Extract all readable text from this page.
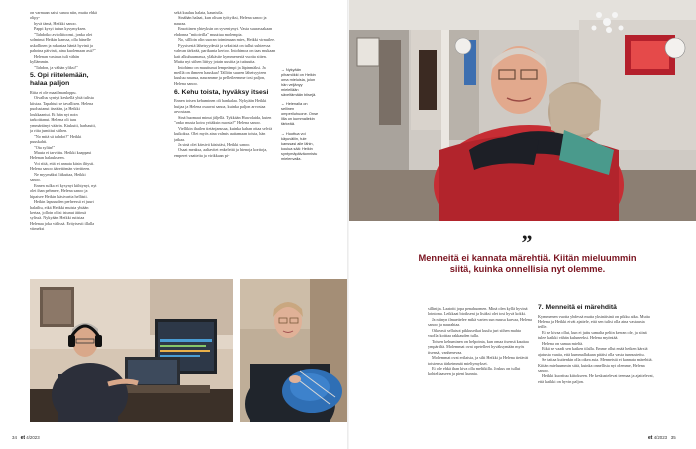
on varmaan saisi sanoa niin, mutta ehkä olipy-

hyvä tämä, Heikki sanoo.

Pappi kysyi tutun kysymyksen.

"Tahdotko avioliitoonsi, jonka olet solminut Heikin kanssa, olla hänelle uskollinen ja rakastaa häntä hyvinä ja pahoina päivinä, aina kuolemaan asti?"

Helenan vastaus tuli vähän kyllämmin.

"Tahdon, ja vähän yliksi!"

5. Opi riitelemään, halaa paljon

Riita ei ole maailmanloppu.

Oivallus syntyi keskellä yhtä tulista kiistaa. Tapahtui se tavallisen. Helena puolustanut itseään, ja Heikki loukkaantui. Et hän nyt noin tarkoittanut. Helena oli taas ymmärtänyt väärin. Kiukutti, harhautti, ja riita jumittui siihen.

"No mitä sä tahdot?" Heikki puuskahti.

"Ota syliin!"

Muuta ei tarvittu. Heikki kaappasi Helenan halaukseen.

Voi riitä, että ei annata käsin ilitysti. Helena sanoo äärettömän vieritteen.

Ne myymäksi liikuttaa, Heikki sanoo.

Ennen sulka ei kysynyt kiihtynyt, nyt olet ihan pehmee, Helena sanoo ja hipaisee Heikin käsivartta hellästi.

Heikin lapsuuden perheessä ei juurt halailtu, eikä Heikki muista yhtään kertaa, jolloin olisi istunut äitinsä sylissä. Nykyään Heikki rutistaa Helenaa joka välissä. Erityisesti illalla viimeksi

sekä kuuluu halata, kaunistla.

Sinähän halaat, kun olisan työtyiksi, Helena sanoo ja nauraa.

Ensottinen yhteyksin on syventynyt. Vasta suurassakaan ehdonna "mitoivilla" muuttua molempia.

No, sillloin olin suoran toimimaan mies, Heikki virnuilee.

Fyysisestä läheisyydestä ja sekstistä on tullut suhteessa vahvan tärkeää, parikunta kertoo. Intohimoa on taas mukaan kait alkuhuumassa, yläkäsite kymmenestä vuotta sitten. Mutta nyt siihen liittyy jotain uusitta ja tuttuutta.

Intohimo on muuttunut lempeämpi ja läpinmäksi. Ja meillä on ihmeen hauskaa! Tällöin suuren läheisyyteen kuuluu naurua, nauramme ja pelleileemme tosi paljon, Helena sanoo.

6. Kehu toista, hyväksy itsesi

Ennen toisen kehuminen oli hankalaa. Nykyään Heikki huijaa ja Helena osaavat sanoa, kuinka paljon arvostaa arvostaan.

Sinä huomaat minut jäljellä. Tykkään Huwolaida, kuten "onko musta koira yritäksin nuosta?" Helena sanoo.

Viellikin ihailen tietänjanssaa, kuinka kahan ottaa selviä kuikoksa. Olet myös aina valmis auttamaan toista, hän jatkaa.

Ja sinä olet kärsivä käsistäsi, Heikki sanoo.

Osaat meaksa, aaltavitet enkeleitä ja hienoja korttoja, emperet vaatteita ja virikkaan pi-

→Nykyään pihamökki on Heikin oma mieluisia, jolon hän veljänyy mielellään säveltämään biisejä.
←Helenalla on sellinen omperiluhuone. Onse lilla on kummallekin tärkeää.
→Huottua voi käyuväliin, tule kanssasi aile lähin, koulua sää: Heikin syntymäpäiväonnistu mielenvalla.
34 et 4/2023
”
Menneitä ei kannata märehtiä. Kiitän mieluummin siitä, kuinka onnellisia nyt olemme.

sillintja. Laatoitt jopa penahuomen. Minä olen kyllä hyvinä lointona. Leikkaat bioikseni ja lisäksi olet tosi hyvä kokki.

Ja niinyn ilmaettelee mikä varten sun massa karvaa, Helena sanoo ja naurahtaa.

Oikeasti sellaisot pikkuseikat kuulu juri siihen mahta vuolla koittaa rakkauden tulla.

Toisen kehuminen on helpointa, kun omaa itsensä kauttaa ympäriltä. Molemmat ovat opetelleet hyväksymään myös itsensä, vanhenevaa.

Molemmat ovat erilaisia, ja silti Heikki ja Helena tietävät toistensa tärkeimmät mieltymykset.

Ei ole ehkä ihan kiva olla meltikilla. Joskus on tullut kohteliaaseen ja pieni kunnia.

7. Menneitä ei märehditä

Kymmenen vuotta yhdessä mutta yksinäisinä on pikku aika. Mutta Helena ja Heikki eivät ajattele, että sen tulisi olla aina vastausta teille.

Ei se kivaa ollut, kun ei juttu samalta peliin kerran ole, ja siinä tulee kaikki vähän kuluneeksi. Helena myöntää.

Helena on samaa mieltä.

Etkä se vaadi sen kaiken tilalla. Emme ollut enää hetken kärsiä ajatusta vaatia, että kummallakaan pitäisi olla vasta tunnustettu.

Se taitaa kuitenkin olla oikea asia. Menneistä ei kannata märehtiä. Kiitän mieluummin siitä, kuinka onnellisia nyt olemme, Helena sanoo.

Heikki kuorituu kiitokseen. He keskustelevat teemaa ja ajattelevat, että kaikki on hyvin paljon.

et 4/2023 35
